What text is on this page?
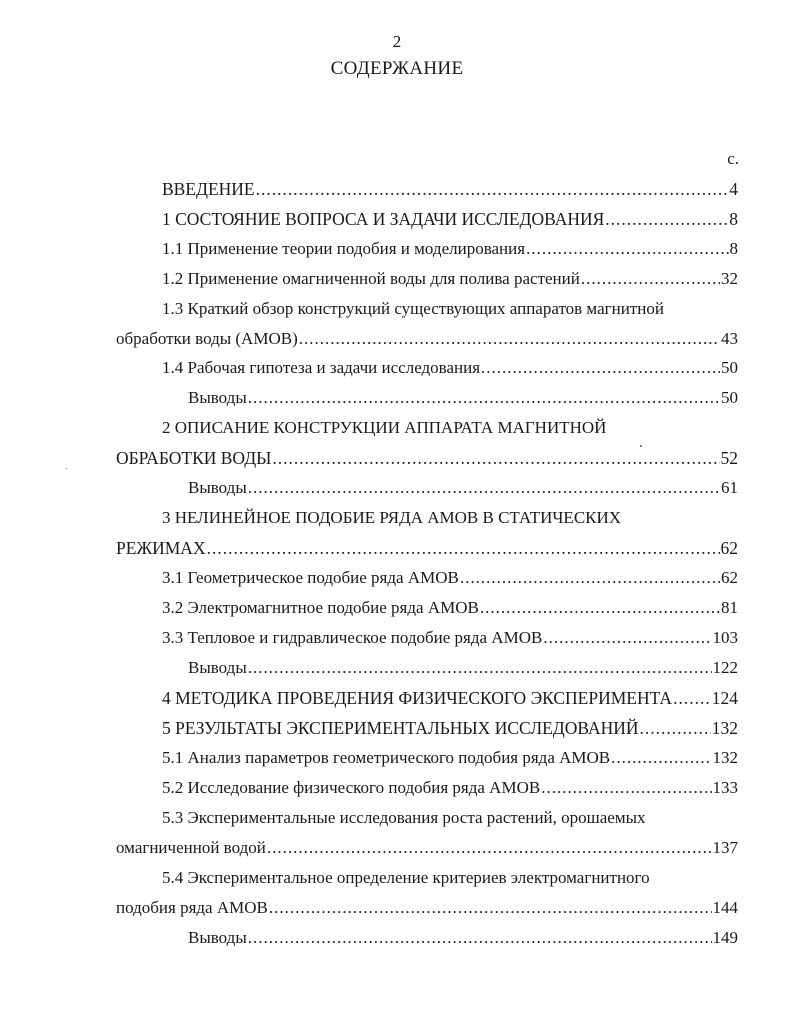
2
СОДЕРЖАНИЕ
с.
ВВЕДЕНИЕ .....	4
1 СОСТОЯНИЕ ВОПРОСА И ЗАДАЧИ ИССЛЕДОВАНИЯ .....	8
1.1 Применение теории подобия и моделирования .....	8
1.2 Применение омагниченной воды для полива растений .....	32
1.3 Краткий обзор конструкций существующих аппаратов магнитной
обработки воды (АМОВ) .....	43
1.4 Рабочая гипотеза и задачи исследования .....	50
Выводы .....	50
2 ОПИСАНИЕ КОНСТРУКЦИИ АППАРАТА МАГНИТНОЙ
ОБРАБОТКИ ВОДЫ .....	52
Выводы .....	61
3 НЕЛИНЕЙНОЕ ПОДОБИЕ РЯДА АМОВ В СТАТИЧЕСКИХ
РЕЖИМАХ .....	62
3.1 Геометрическое подобие ряда АМОВ .....	62
3.2 Электромагнитное подобие ряда АМОВ .....	81
3.3 Тепловое и гидравлическое подобие ряда АМОВ .....	103
Выводы .....	122
4 МЕТОДИКА ПРОВЕДЕНИЯ ФИЗИЧЕСКОГО ЭКСПЕРИМЕНТА ..... 124
5 РЕЗУЛЬТАТЫ ЭКСПЕРИМЕНТАЛЬНЫХ ИССЛЕДОВАНИЙ .....	132
5.1 Анализ параметров геометрического подобия ряда АМОВ .....	132
5.2 Исследование физического подобия ряда АМОВ .....	133
5.3 Экспериментальные исследования роста растений, орошаемых
омагниченной водой .....	137
5.4 Экспериментальное определение критериев электромагнитного
подобия ряда АМОВ .....	144
Выводы .....	149
